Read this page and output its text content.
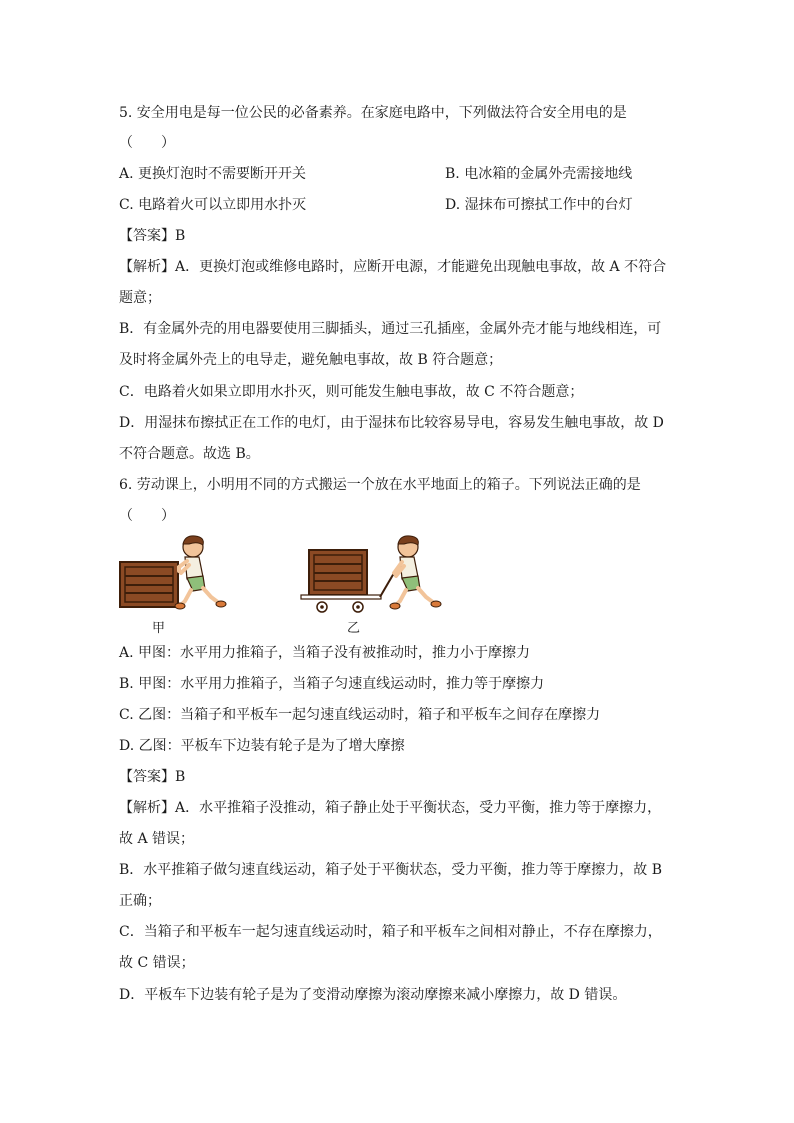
5. 安全用电是每一位公民的必备素养。在家庭电路中，下列做法符合安全用电的是
（　　）
A. 更换灯泡时不需要断开开关	B. 电冰箱的金属外壳需接地线
C. 电路着火可以立即用水扑灭	D. 湿抹布可擦拭工作中的台灯
【答案】B
【解析】A．更换灯泡或维修电路时，应断开电源，才能避免出现触电事故，故 A 不符合
题意；
B．有金属外壳的用电器要使用三脚插头，通过三孔插座，金属外壳才能与地线相连，可
及时将金属外壳上的电导走，避免触电事故，故 B 符合题意；
C．电路着火如果立即用水扑灭，则可能发生触电事故，故 C 不符合题意；
D．用湿抹布擦拭正在工作的电灯，由于湿抹布比较容易导电，容易发生触电事故，故 D
不符合题意。故选 B。
6. 劳动课上，小明用不同的方式搬运一个放在水平地面上的箱子。下列说法正确的是
（　　）
甲	乙
A. 甲图：水平用力推箱子，当箱子没有被推动时，推力小于摩擦力
B. 甲图：水平用力推箱子，当箱子匀速直线运动时，推力等于摩擦力
C. 乙图：当箱子和平板车一起匀速直线运动时，箱子和平板车之间存在摩擦力
D. 乙图：平板车下边装有轮子是为了增大摩擦
【答案】B
【解析】A．水平推箱子没推动，箱子静止处于平衡状态，受力平衡，推力等于摩擦力，
故 A 错误；
B．水平推箱子做匀速直线运动，箱子处于平衡状态，受力平衡，推力等于摩擦力，故 B
正确；
C．当箱子和平板车一起匀速直线运动时，箱子和平板车之间相对静止，不存在摩擦力，
故 C 错误；
D．平板车下边装有轮子是为了变滑动摩擦为滚动摩擦来减小摩擦力，故 D 错误。
